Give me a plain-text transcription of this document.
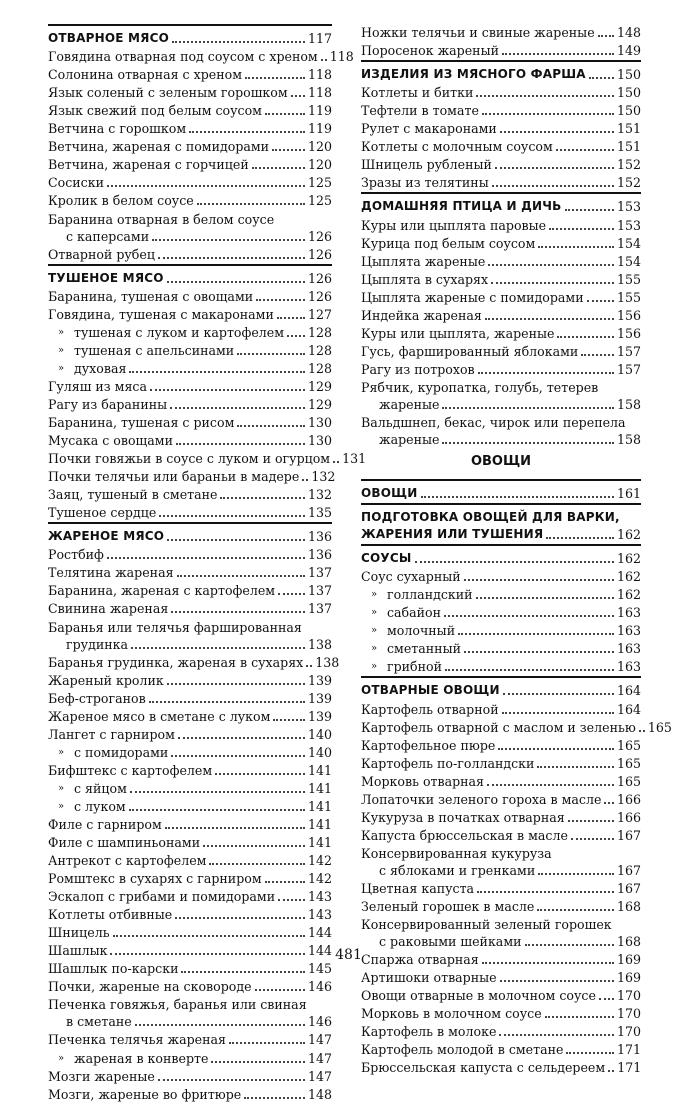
ОТВАРНОЕ МЯСО	117
Говядина отварная под соусом с хреном 118
Солонина отварная с хреном	118
Язык соленый с зеленым горошком 118
Язык свежий под белым соусом	119
Ветчина с горошком	119
Ветчина, жареная с помидорами	120
Ветчина, жареная с горчицей	120
Сосиски	125
Кролик в белом соусе	125
Баранина отварная в белом соусе
с каперсами	126
Отварной рубец	126
ТУШЕНОЕ МЯСО	126
Баранина, тушеная с овощами	126
Говядина, тушеная с макаронами	127
» тушеная с луком и картофелем 128
» тушеная с апельсинами	128
» духовая	128
Гуляш из мяса	129
Рагу из баранины	129
Баранина, тушеная с рисом	130
Мусака с овощами	130
Почки говяжьи в соусе с луком и огурцом 131
Почки телячьи или бараньи в мадере 132
Заяц, тушеный в сметане	132
Тушеное сердце	135
ЖАРЕНОЕ МЯСО	136
Ростбиф	136
Телятина жареная	137
Баранина, жареная с картофелем	137
Свинина жареная	137
Баранья или телячья фаршированная
грудинка	138
Баранья грудинка, жареная в сухарях 138
Жареный кролик	139
Беф-строганов	139
Жареное мясо в сметане с луком	139
Лангет с гарниром	140
» с помидорами	140
Бифштекс с картофелем	141
» с яйцом	141
» с луком	141
Филе с гарниром	141
Филе с шампиньонами	141
Антрекот с картофелем	142
Ромштекс в сухарях с гарниром	142
Эскалоп с грибами и помидорами	143
Котлеты отбивные	143
Шницель	144
Шашлык	144
Шашлык по-карски	145
Почки, жареные на сковороде	146
Печенка говяжья, баранья или свиная
в сметане	146
Печенка телячья жареная	147
» жареная в конверте	147
Мозги жареные	147
Мозги, жареные во фритюре	148
Ножки телячьи и свиные жареные 148
Поросенок жареный	149
ИЗДЕЛИЯ ИЗ МЯСНОГО ФАРША 150
Котлеты и битки	150
Тефтели в томате	150
Рулет с макаронами	151
Котлеты с молочным соусом	151
Шницель рубленый	152
Зразы из телятины	152
ДОМАШНЯЯ ПТИЦА И ДИЧЬ	153
Куры или цыплята паровые	153
Курица под белым соусом	154
Цыплята жареные	154
Цыплята в сухарях	155
Цыплята жареные с помидорами	155
Индейка жареная	156
Куры или цыплята, жареные	156
Гусь, фаршированный яблоками	157
Рагу из потрохов	157
Рябчик, куропатка, голубь, тетерев
жареные	158
Вальдшнеп, бекас, чирок или перепела
жареные	158
ОВОЩИ
ОВОЩИ	161
ПОДГОТОВКА ОВОЩЕЙ ДЛЯ ВАРКИ,
ЖАРЕНИЯ ИЛИ ТУШЕНИЯ	162
СОУСЫ	162
Соус сухарный	162
» голландский	162
» сабайон	163
» молочный	163
» сметанный	163
» грибной	163
ОТВАРНЫЕ ОВОЩИ	164
Картофель отварной	164
Картофель отварной с маслом и зеленью 165
Картофельное пюре	165
Картофель по-голландски	165
Морковь отварная	165
Лопаточки зеленого гороха в масле 166
Кукуруза в початках отварная	166
Капуста брюссельская в масле	167
Консервированная кукуруза
с яблоками и гренками	167
Цветная капуста	167
Зеленый горошек в масле	168
Консервированный зеленый горошек
с раковыми шейками	168
Спаржа отварная	169
Артишоки отварные	169
Овощи отварные в молочном соусе 170
Морковь в молочном соусе	170
Картофель в молоке	170
Картофель молодой в сметане	171
Брюссельская капуста с сельдереем 171
481
